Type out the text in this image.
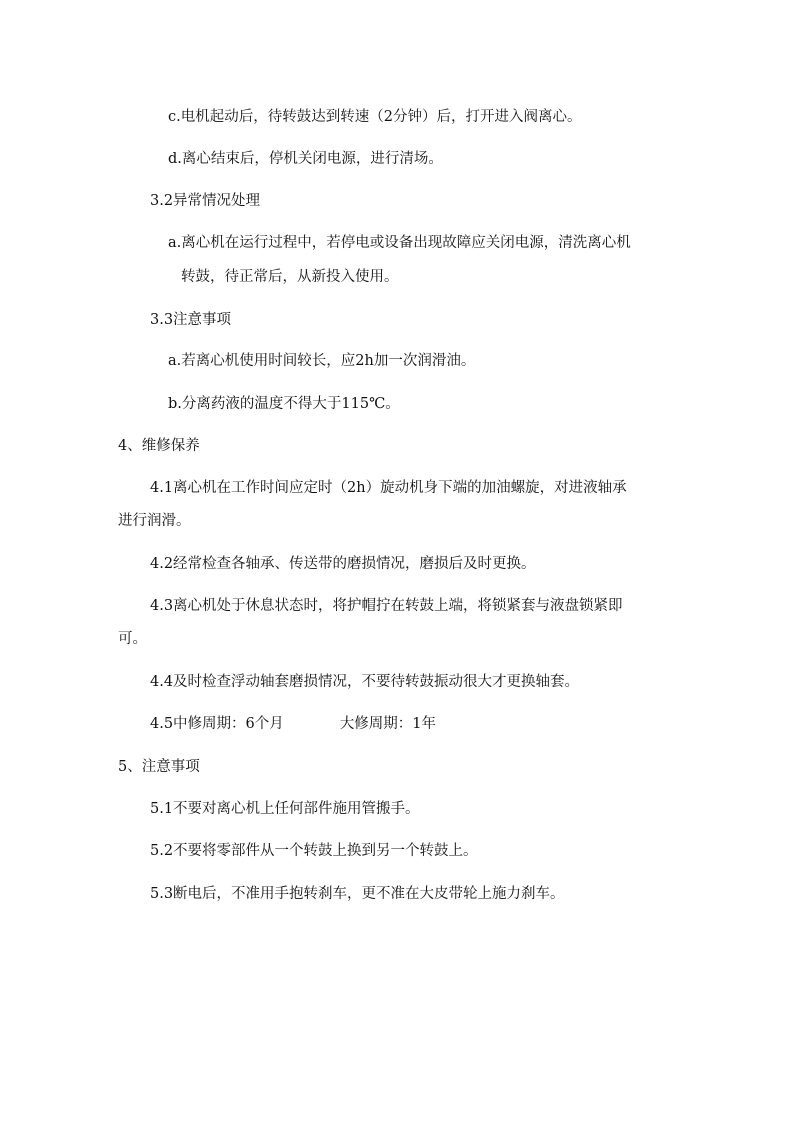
c.电机起动后，待转鼓达到转速（2分钟）后，打开进入阀离心。
d.离心结束后，停机关闭电源，进行清场。
3.2异常情况处理
a.离心机在运行过程中，若停电或设备出现故障应关闭电源，清洗离心机
转鼓，待正常后，从新投入使用。
3.3注意事项
a.若离心机使用时间较长，应2h加一次润滑油。
b.分离药液的温度不得大于115℃。
4、维修保养
4.1离心机在工作时间应定时（2h）旋动机身下端的加油螺旋，对进液轴承
进行润滑。
4.2经常检查各轴承、传送带的磨损情况，磨损后及时更换。
4.3离心机处于休息状态时，将护帽拧在转鼓上端，将锁紧套与液盘锁紧即
可。
4.4及时检查浮动轴套磨损情况，不要待转鼓振动很大才更换轴套。
4.5中修周期：6个月	大修周期：1年
5、注意事项
5.1不要对离心机上任何部件施用管搬手。
5.2不要将零部件从一个转鼓上换到另一个转鼓上。
5.3断电后，不准用手抱转刹车，更不准在大皮带轮上施力刹车。
